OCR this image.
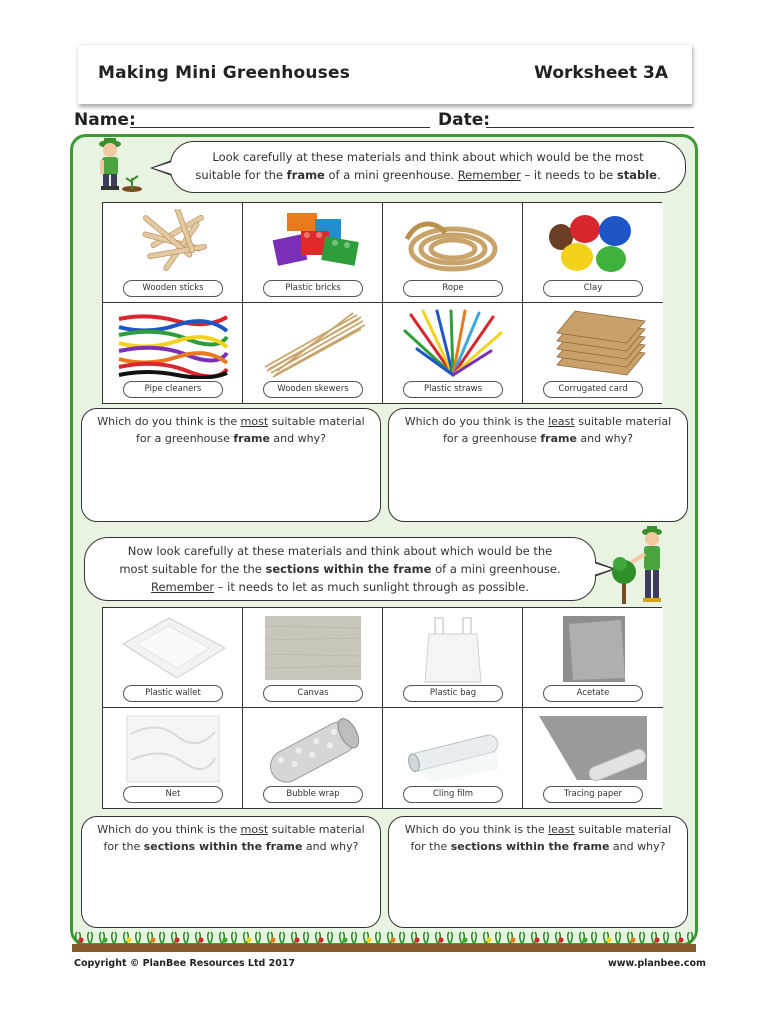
Making Mini Greenhouses	Worksheet 3A
Name:	Date:
Look carefully at these materials and think about which would be the most
suitable for the frame of a mini greenhouse. Remember – it needs to be stable.
Wooden sticks	Plastic bricks	Rope	Clay
Pipe cleaners	Wooden skewers	Plastic straws	Corrugated card
Which do you think is the most suitable material
for a greenhouse frame and why?
Which do you think is the least suitable material
for a greenhouse frame and why?
Now look carefully at these materials and think about which would be the
most suitable for the the sections within the frame of a mini greenhouse.
Remember – it needs to let as much sunlight through as possible.
Plastic wallet	Canvas	Plastic bag	Acetate
Net	Bubble wrap	Cling film	Tracing paper
Which do you think is the most suitable material
for the sections within the frame and why?
Which do you think is the least suitable material
for the sections within the frame and why?
Copyright © PlanBee Resources Ltd 2017	www.planbee.com
